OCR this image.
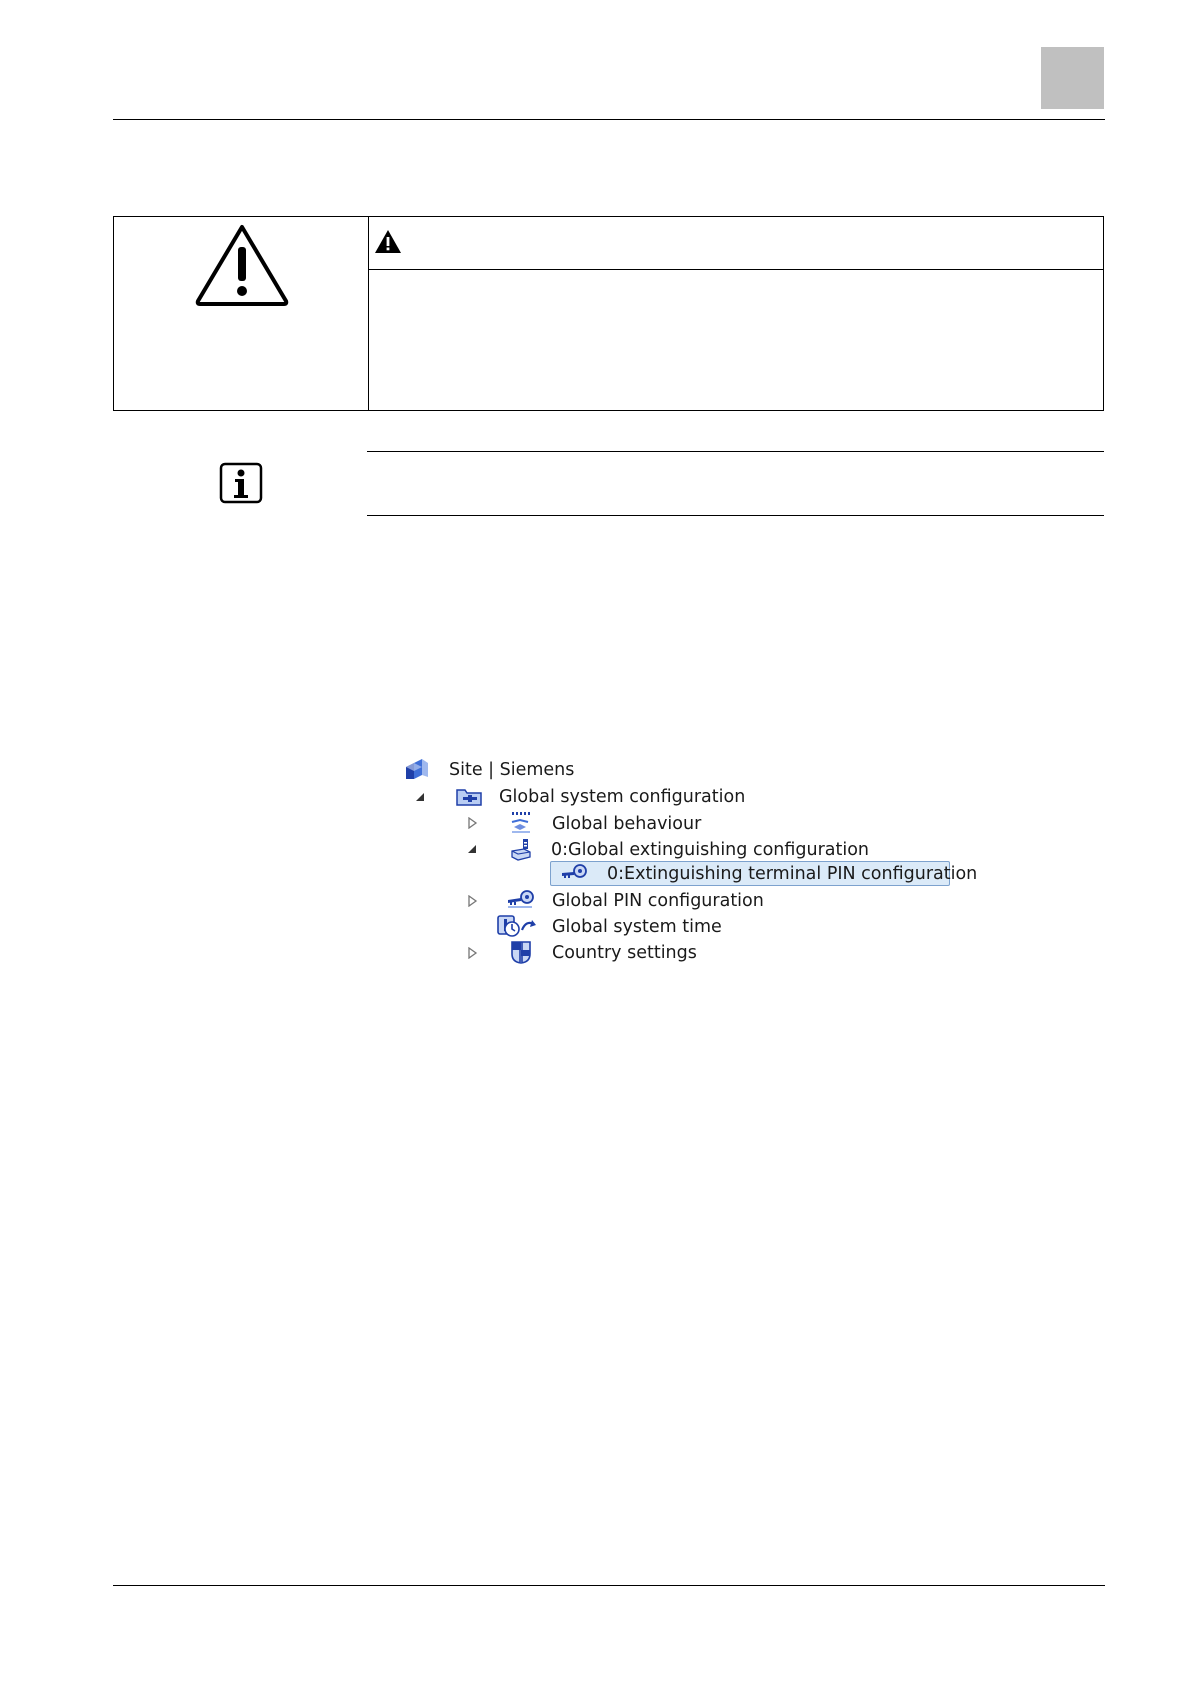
Site | Siemens
Global system configuration
Global behaviour
0:Global extinguishing configuration
0:Extinguishing terminal PIN configuration
Global PIN configuration
Global system time
Country settings
